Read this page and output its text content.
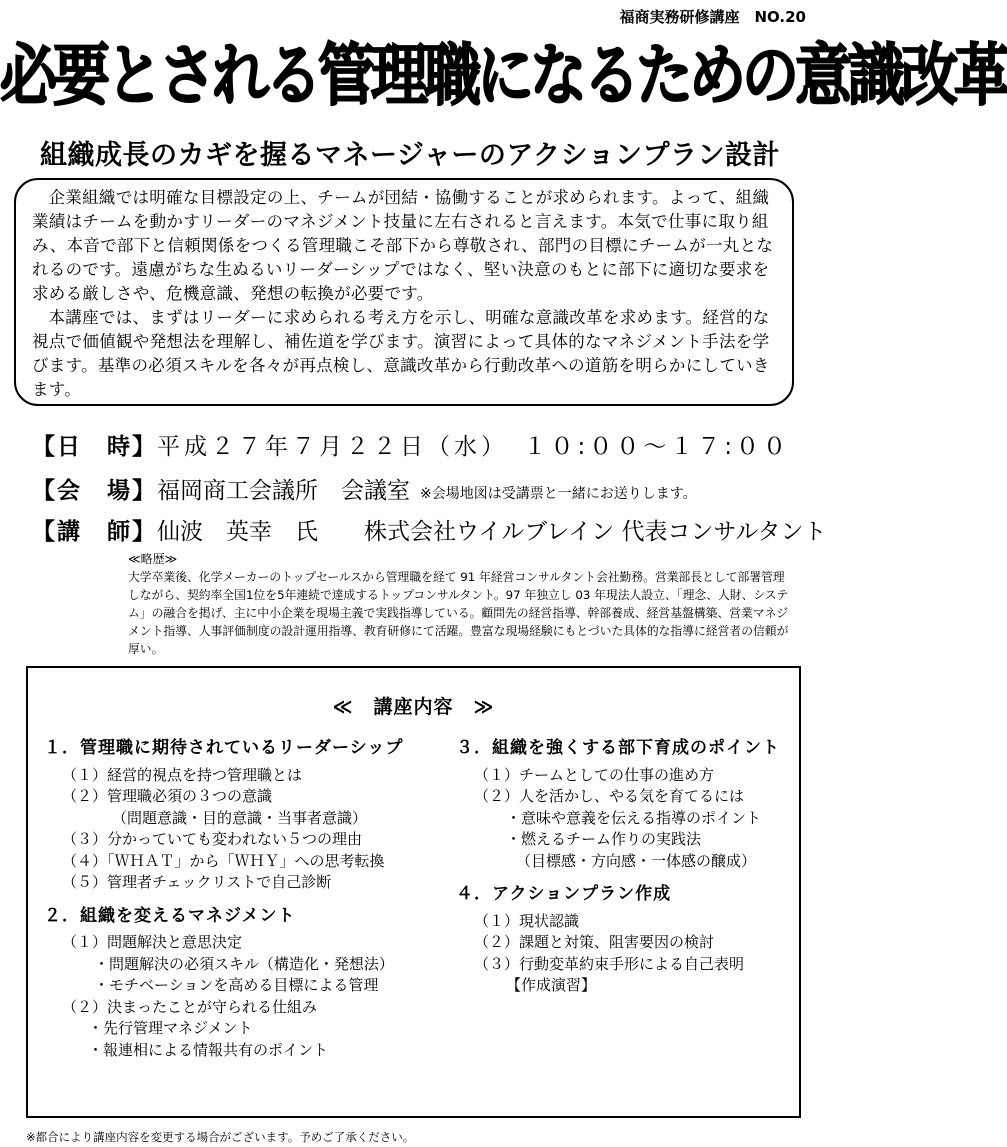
福商実務研修講座　NO.20
必要とされる管理職になるための意識改革
組織成長のカギを握るマネージャーのアクションプラン設計

企業組織では明確な目標設定の上、チームが団結・協働することが求められます。よって、組織業績はチームを動かすリーダーのマネジメント技量に左右されると言えます。本気で仕事に取り組み、本音で部下と信頼関係をつくる管理職こそ部下から尊敬され、部門の目標にチームが一丸となれるのです。遠慮がちな生ぬるいリーダーシップではなく、堅い決意のもとに部下に適切な要求を求める厳しさや、危機意識、発想の転換が必要です。

本講座では、まずはリーダーに求められる考え方を示し、明確な意識改革を求めます。経営的な視点で価値観や発想法を理解し、補佐道を学びます。演習によって具体的なマネジメント手法を学びます。基準の必須スキルを各々が再点検し、意識改革から行動改革への道筋を明らかにしていきます。

【日　時】平成２７年７月２２日（水）　１０:００～１７:００
【会　場】福岡商工会議所　会議室 ※会場地図は受講票と一緒にお送りします。
【講　師】仙波　英幸　氏　　株式会社ウイルブレイン 代表コンサルタント
≪略歴≫
大学卒業後、化学メーカーのトップセールスから管理職を経て 91 年経営コンサルタント会社勤務。営業部長として部署管理しながら、契約率全国1位を5年連続で達成するトップコンサルタント。97 年独立し 03 年現法人設立、「理念、人財、システム」の融合を掲げ、主に中小企業を現場主義で実践指導している。顧問先の経営指導、幹部養成、経営基盤構築、営業マネジメント指導、人事評価制度の設計運用指導、教育研修にて活躍。豊富な現場経験にもとづいた具体的な指導に経営者の信頼が厚い。
≪　講座内容　≫
１．管理職に期待されているリーダーシップ
（１）経営的視点を持つ管理職とは
（２）管理職必須の３つの意識
（問題意識・目的意識・当事者意識）
（３）分かっていても変われない５つの理由
（４）「ＷＨＡＴ」から「ＷＨＹ」への思考転換
（５）管理者チェックリストで自己診断
２．組織を変えるマネジメント
（１）問題解決と意思決定
・問題解決の必須スキル（構造化・発想法）
・モチベーションを高める目標による管理
（２）決まったことが守られる仕組み
・先行管理マネジメント
・報連相による情報共有のポイント
３．組織を強くする部下育成のポイント
（１）チームとしての仕事の進め方
（２）人を活かし、やる気を育てるには
・意味や意義を伝える指導のポイント
・燃えるチーム作りの実践法
（目標感・方向感・一体感の醸成）
４．アクションプラン作成
（１）現状認識
（２）課題と対策、阻害要因の検討
（３）行動変革約束手形による自己表明
【作成演習】
※都合により講座内容を変更する場合がございます。予めご了承ください。
